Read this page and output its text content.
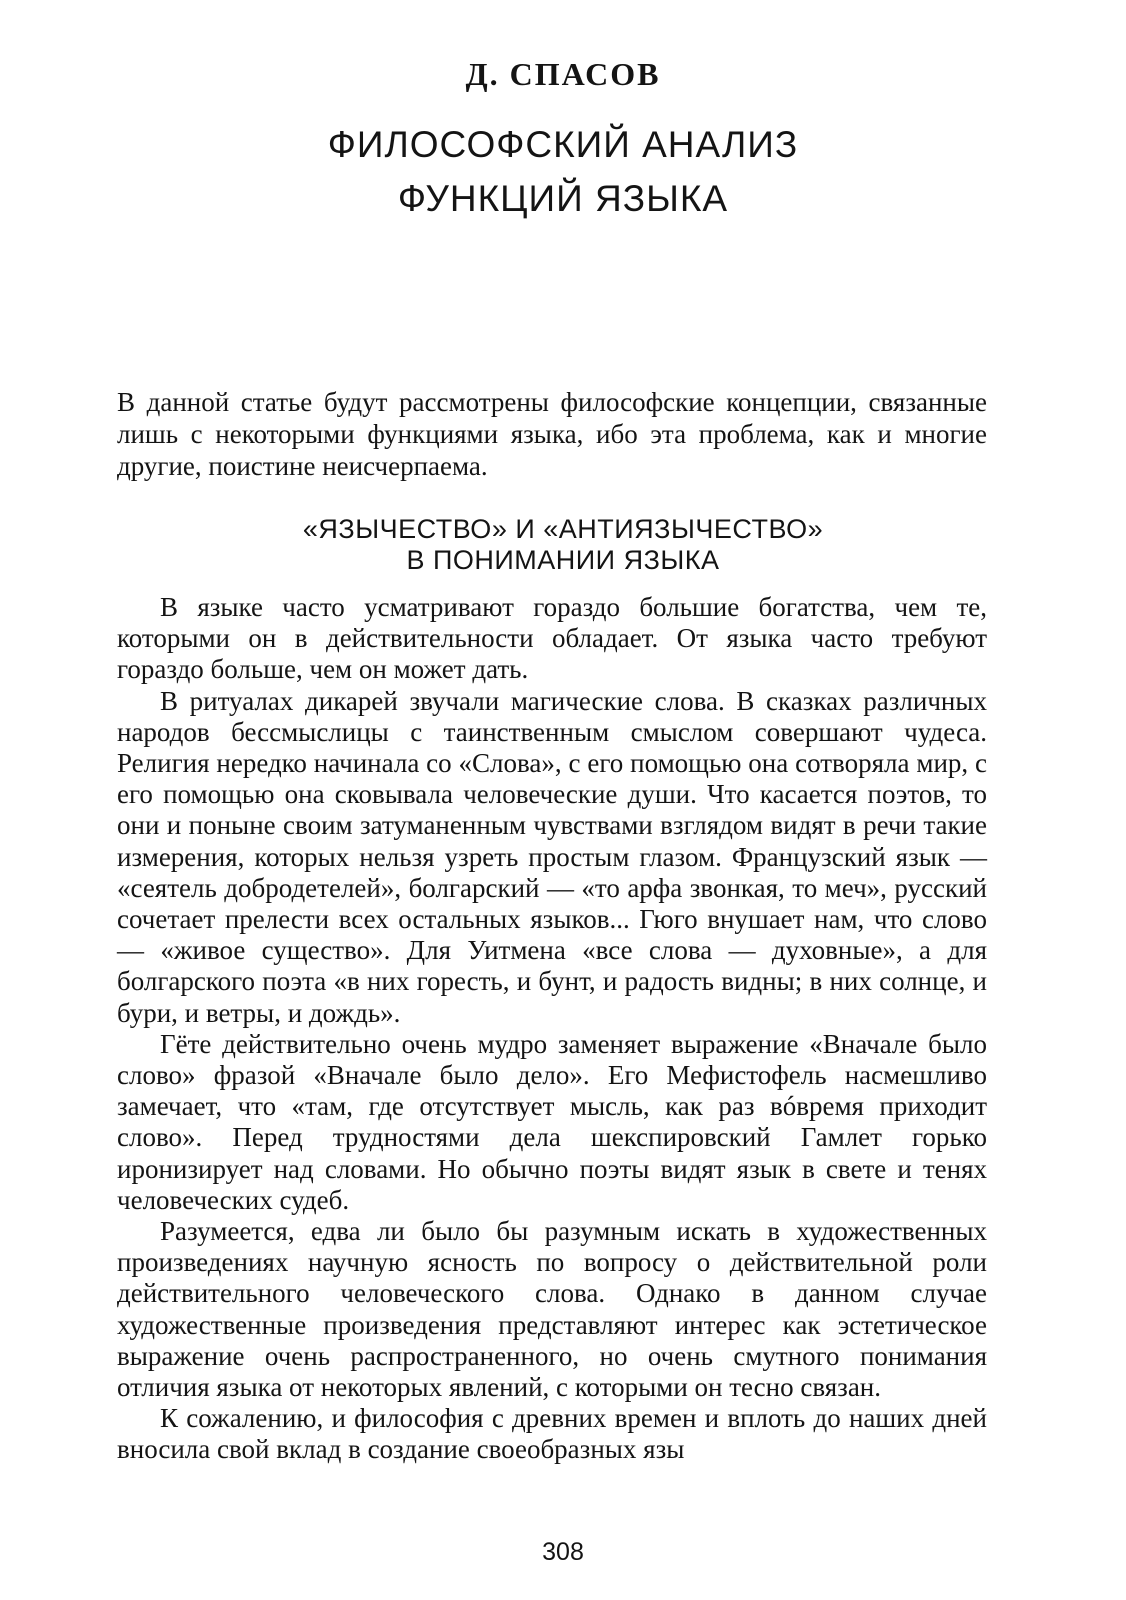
Д. СПАСОВ
ФИЛОСОФСКИЙ АНАЛИЗ
ФУНКЦИЙ ЯЗЫКА
В данной статье будут рассмотрены философские концепции, связанные лишь с некоторыми функциями языка, ибо эта проблема, как и многие другие, поистине неисчерпаема.
«ЯЗЫЧЕСТВО» И «АНТИЯЗЫЧЕСТВО»
В ПОНИМАНИИ ЯЗЫКА

В языке часто усматривают гораздо большие богатства, чем те, которыми он в действительности обладает. От языка часто требуют гораздо больше, чем он может дать.

В ритуалах дикарей звучали магические слова. В сказках различных народов бессмыслицы с таинственным смыслом совершают чудеса. Религия нередко начинала со «Слова», с его помощью она сотворяла мир, с его помощью она сковывала человеческие души. Что касается поэтов, то они и поныне своим затуманенным чувствами взглядом видят в речи такие измерения, которых нельзя узреть простым глазом. Французский язык — «сеятель добродетелей», болгарский — «то арфа звонкая, то меч», русский сочетает прелести всех остальных языков... Гюго внушает нам, что слово — «живое существо». Для Уитмена «все слова — духовные», а для болгарского поэта «в них горесть, и бунт, и радость видны; в них солнце, и бури, и ветры, и дождь».

Гёте действительно очень мудро заменяет выражение «Вначале было слово» фразой «Вначале было дело». Его Мефистофель насмешливо замечает, что «там, где отсутствует мысль, как раз вóвремя приходит слово». Перед трудностями дела шекспировский Гамлет горько иронизирует над словами. Но обычно поэты видят язык в свете и тенях человеческих судеб.

Разумеется, едва ли было бы разумным искать в художественных произведениях научную ясность по вопросу о действительной роли действительного человеческого слова. Однако в данном случае художественные произведения представляют интерес как эстетическое выражение очень распространенного, но очень смутного понимания отличия языка от некоторых явлений, с которыми он тесно связан.

К сожалению, и философия с древних времен и вплоть до наших дней вносила свой вклад в создание своеобразных язы

308
